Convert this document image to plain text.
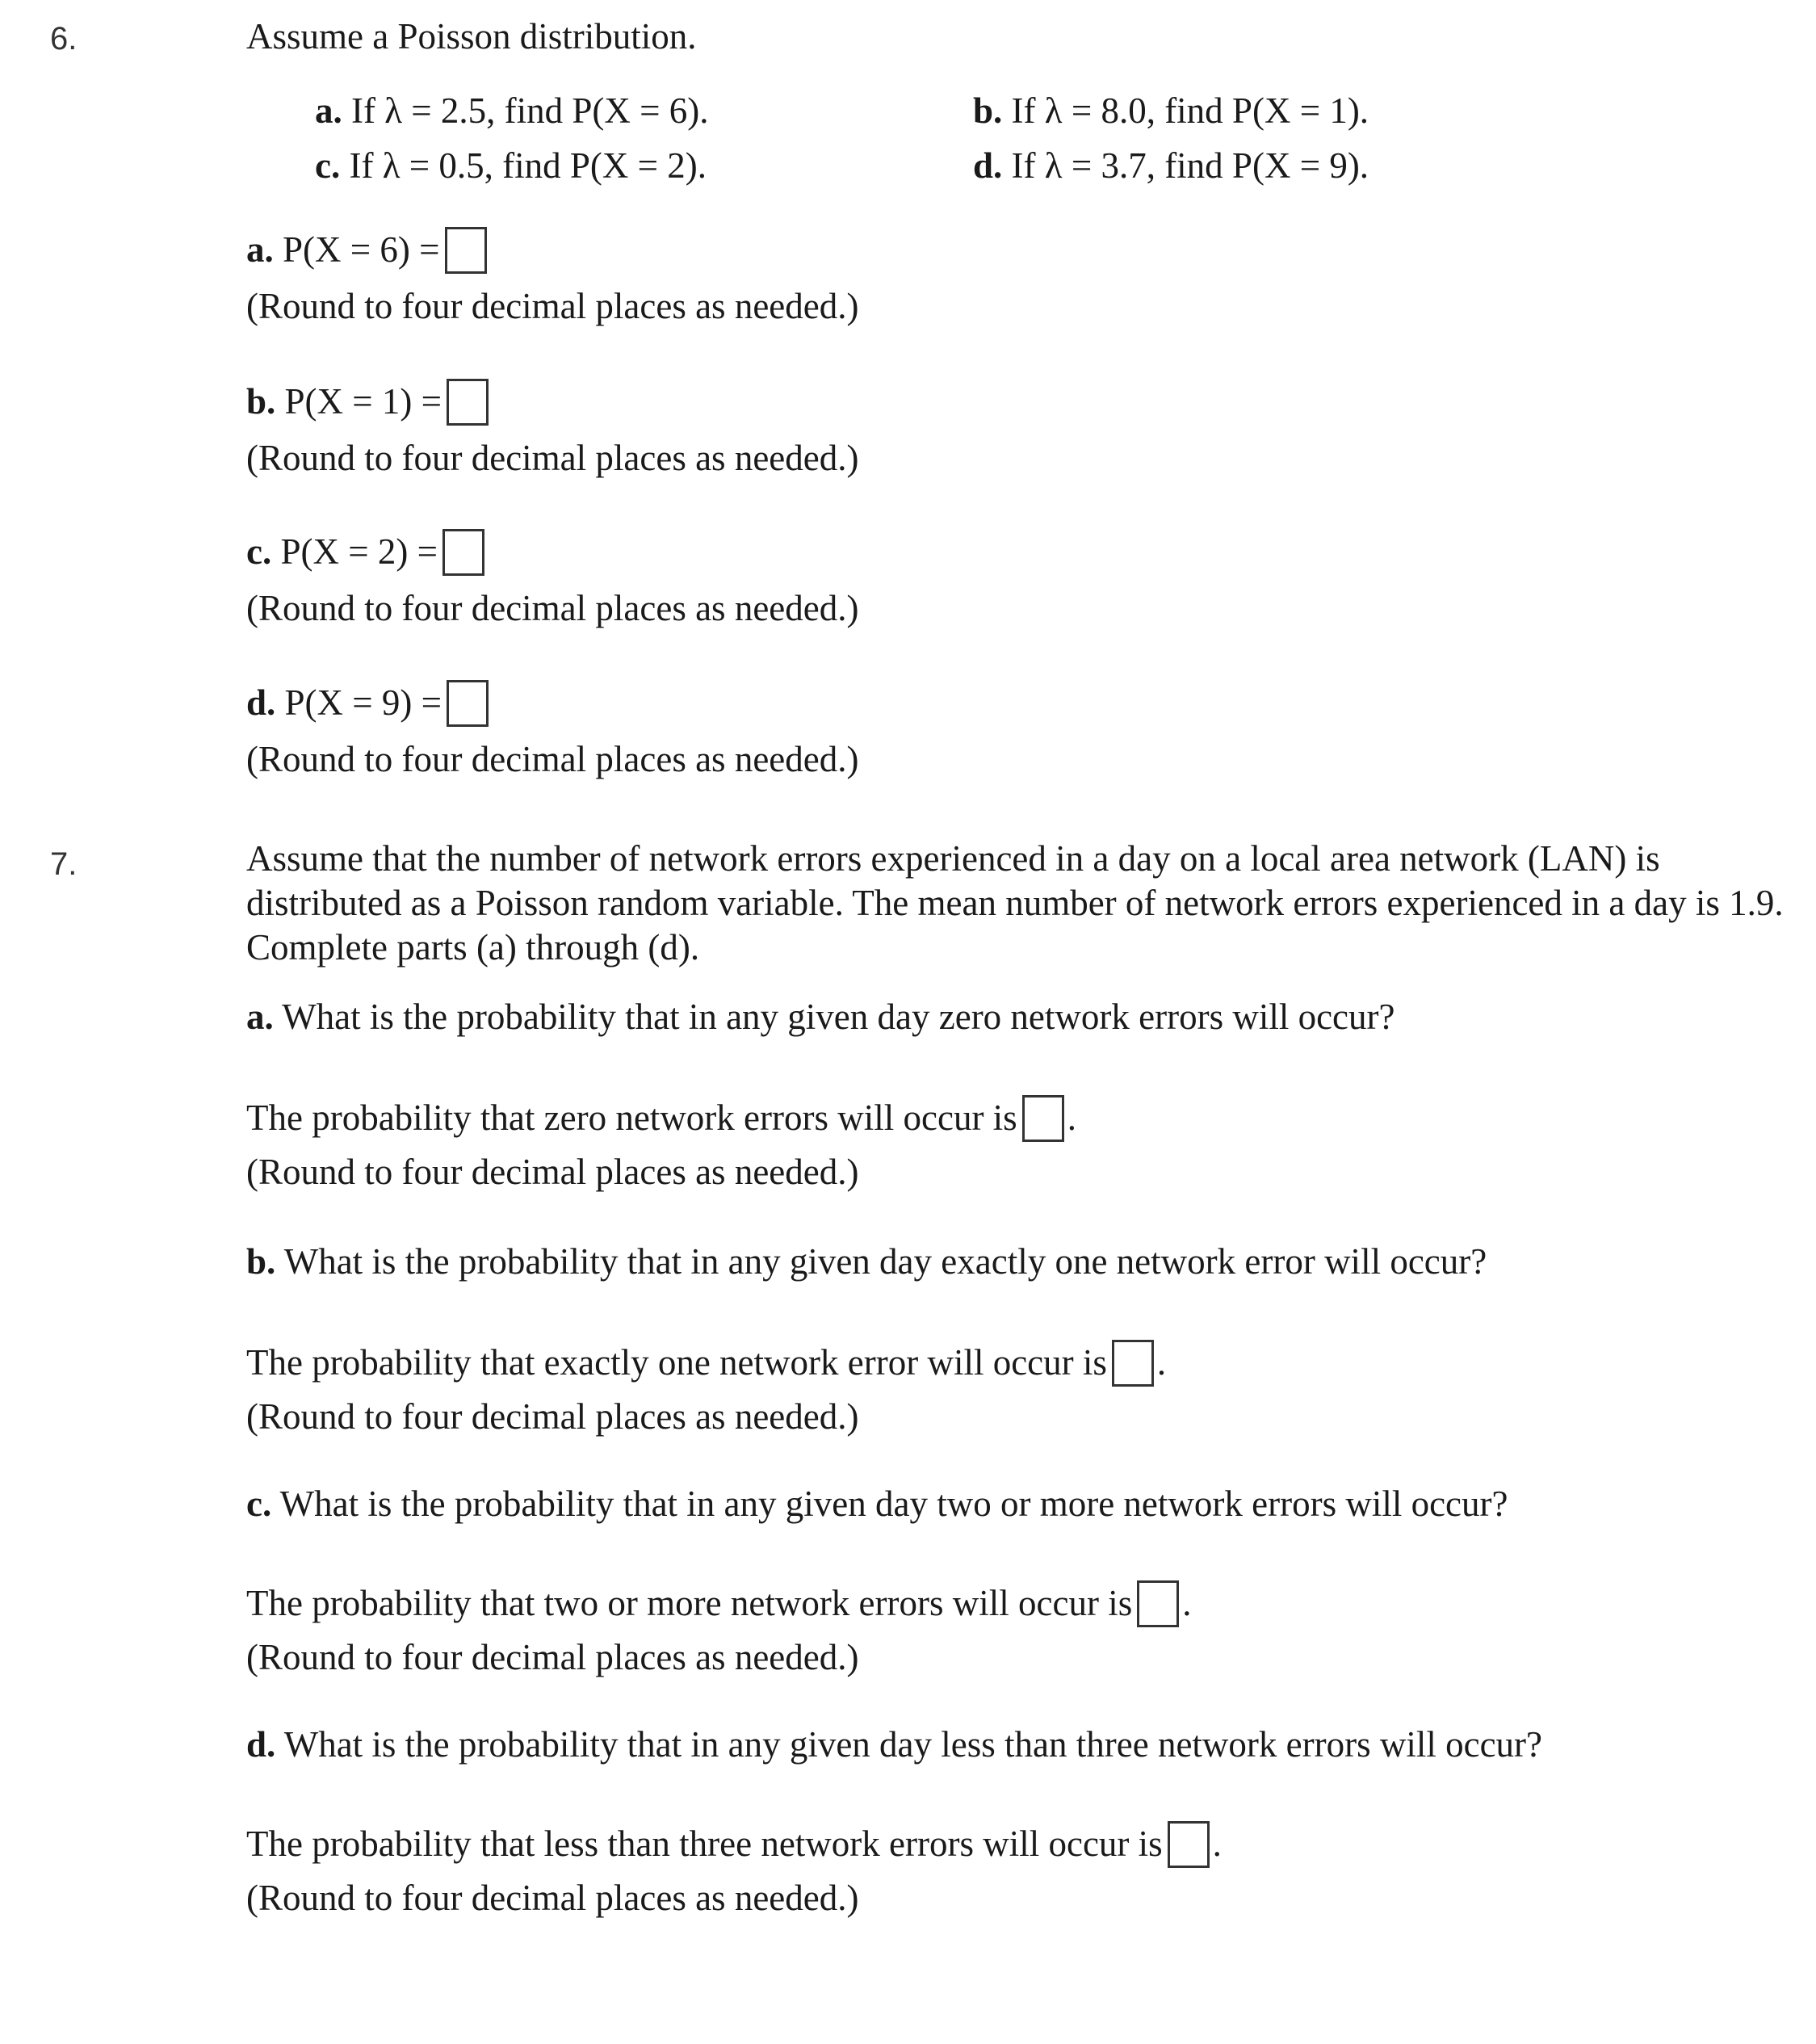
6.	Assume a Poisson distribution.
a. If λ = 2.5, find P(X = 6).	b. If λ = 8.0, find P(X = 1).
c. If λ = 0.5, find P(X = 2).	d. If λ = 3.7, find P(X = 9).
a. P(X = 6) =
(Round to four decimal places as needed.)
b. P(X = 1) =
(Round to four decimal places as needed.)
c. P(X = 2) =
(Round to four decimal places as needed.)
d. P(X = 9) =
(Round to four decimal places as needed.)
7.	Assume that the number of network errors experienced in a day on a local area network (LAN) is distributed as a Poisson random variable. The mean number of network errors experienced in a day is 1.9. Complete parts (a) through (d).
a. What is the probability that in any given day zero network errors will occur?
The probability that zero network errors will occur is .
(Round to four decimal places as needed.)
b. What is the probability that in any given day exactly one network error will occur?
The probability that exactly one network error will occur is .
(Round to four decimal places as needed.)
c. What is the probability that in any given day two or more network errors will occur?
The probability that two or more network errors will occur is .
(Round to four decimal places as needed.)
d. What is the probability that in any given day less than three network errors will occur?
The probability that less than three network errors will occur is .
(Round to four decimal places as needed.)
